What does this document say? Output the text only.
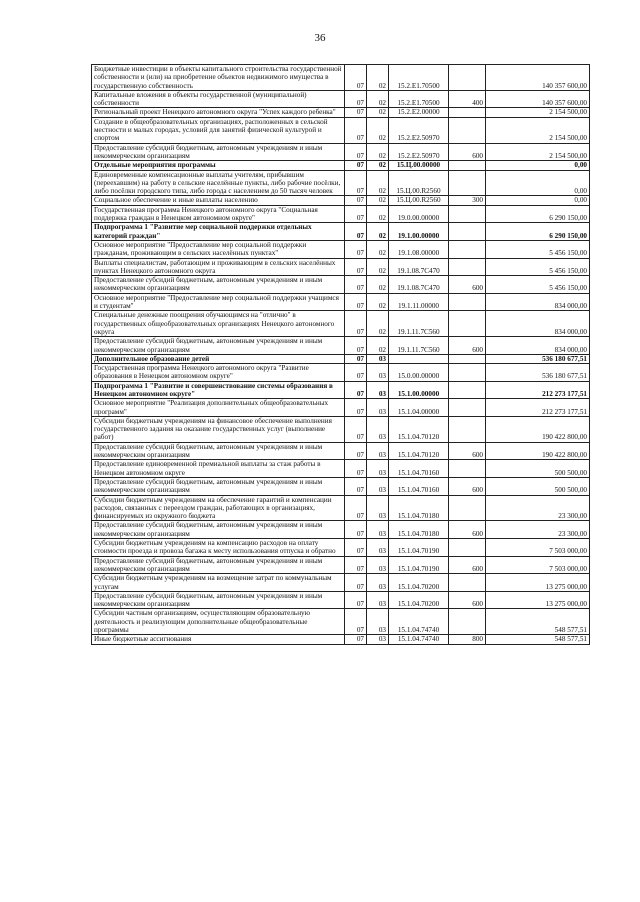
36
Бюджетные инвестиции в объекты капитального строительства государственной собственности и (или) на приобретение объектов недвижимого имущества в государственную собственность	07	02	15.2.Е1.70500		140 357 600,00
Капитальные вложения в объекты государственной (муниципальной) собственности	07	02	15.2.Е1.70500	400	140 357 600,00
Региональный проект Ненецкого автономного округа "Успех каждого ребенка"	07	02	15.2.Е2.00000		2 154 500,00
Создание в общеобразовательных организациях, расположенных в сельской местности и малых городах, условий для занятий физической культурой и спортом	07	02	15.2.Е2.50970		2 154 500,00
Предоставление субсидий бюджетным, автономным учреждениям и иным некоммерческим организациям	07	02	15.2.Е2.50970	600	2 154 500,00
Отдельные мероприятия программы	07	02	15.Ц.00.00000		0,00
Единовременные компенсационные выплаты учителям, прибывшим (переехавшим) на работу в сельские населённые пункты, либо рабочие посёлки, либо посёлки городского типа, либо города с населением до 50 тысяч человек	07	02	15.Ц.00.R2560		0,00
Социальное обеспечение и иные выплаты населению	07	02	15.Ц.00.R2560	300	0,00
Государственная программа Ненецкого автономного округа "Социальная поддержка граждан в Ненецком автономном округе"	07	02	19.0.00.00000		6 290 150,00
Подпрограмма 1 "Развитие мер социальной поддержки отдельных категорий граждан"	07	02	19.1.00.00000		6 290 150,00
Основное мероприятие "Предоставление мер социальной поддержки гражданам, проживающим в сельских населённых пунктах"	07	02	19.1.08.00000		5 456 150,00
Выплаты специалистам, работающим и проживающим в сельских населённых пунктах Ненецкого автономного округа	07	02	19.1.08.7С470		5 456 150,00
Предоставление субсидий бюджетным, автономным учреждениям и иным некоммерческим организациям	07	02	19.1.08.7С470	600	5 456 150,00
Основное мероприятие "Предоставление мер социальной поддержки учащимся и студентам"	07	02	19.1.11.00000		834 000,00
Специальные денежные поощрения обучающимся на "отлично" в государственных общеобразовательных организациях Ненецкого автономного округа	07	02	19.1.11.7С560		834 000,00
Предоставление субсидий бюджетным, автономным учреждениям и иным некоммерческим организациям	07	02	19.1.11.7С560	600	834 000,00
Дополнительное образование детей	07	03			536 180 677,51
Государственная программа Ненецкого автономного округа "Развитие образования в Ненецком автономном округе"	07	03	15.0.00.00000		536 180 677,51
Подпрограмма 1 "Развитие и совершенствование системы образования в Ненецком автономном округе"	07	03	15.1.00.00000		212 273 177,51
Основное мероприятие "Реализация дополнительных общеобразовательных программ"	07	03	15.1.04.00000		212 273 177,51
Субсидии бюджетным учреждениям на финансовое обеспечение выполнения государственного задания на оказание государственных услуг (выполнение работ)	07	03	15.1.04.70120		190 422 800,00
Предоставление субсидий бюджетным, автономным учреждениям и иным некоммерческим организациям	07	03	15.1.04.70120	600	190 422 800,00
Предоставление единовременной премиальной выплаты за стаж работы в Ненецком автономном округе	07	03	15.1.04.70160		500 500,00
Предоставление субсидий бюджетным, автономным учреждениям и иным некоммерческим организациям	07	03	15.1.04.70160	600	500 500,00
Субсидии бюджетным учреждениям на обеспечение гарантий и компенсации расходов, связанных с переездом граждан, работающих в организациях, финансируемых из окружного бюджета	07	03	15.1.04.70180		23 300,00
Предоставление субсидий бюджетным, автономным учреждениям и иным некоммерческим организациям	07	03	15.1.04.70180	600	23 300,00
Субсидии бюджетным учреждениям на компенсацию расходов на оплату стоимости проезда и провоза багажа к месту использования отпуска и обратно	07	03	15.1.04.70190		7 503 000,00
Предоставление субсидий бюджетным, автономным учреждениям и иным некоммерческим организациям	07	03	15.1.04.70190	600	7 503 000,00
Субсидии бюджетным учреждениям на возмещение затрат по коммунальным услугам	07	03	15.1.04.70200		13 275 000,00
Предоставление субсидий бюджетным, автономным учреждениям и иным некоммерческим организациям	07	03	15.1.04.70200	600	13 275 000,00
Субсидии частным организациям, осуществляющим образовательную деятельность и реализующим дополнительные общеобразовательные программы	07	03	15.1.04.74740		548 577,51
Иные бюджетные ассигнования	07	03	15.1.04.74740	800	548 577,51
